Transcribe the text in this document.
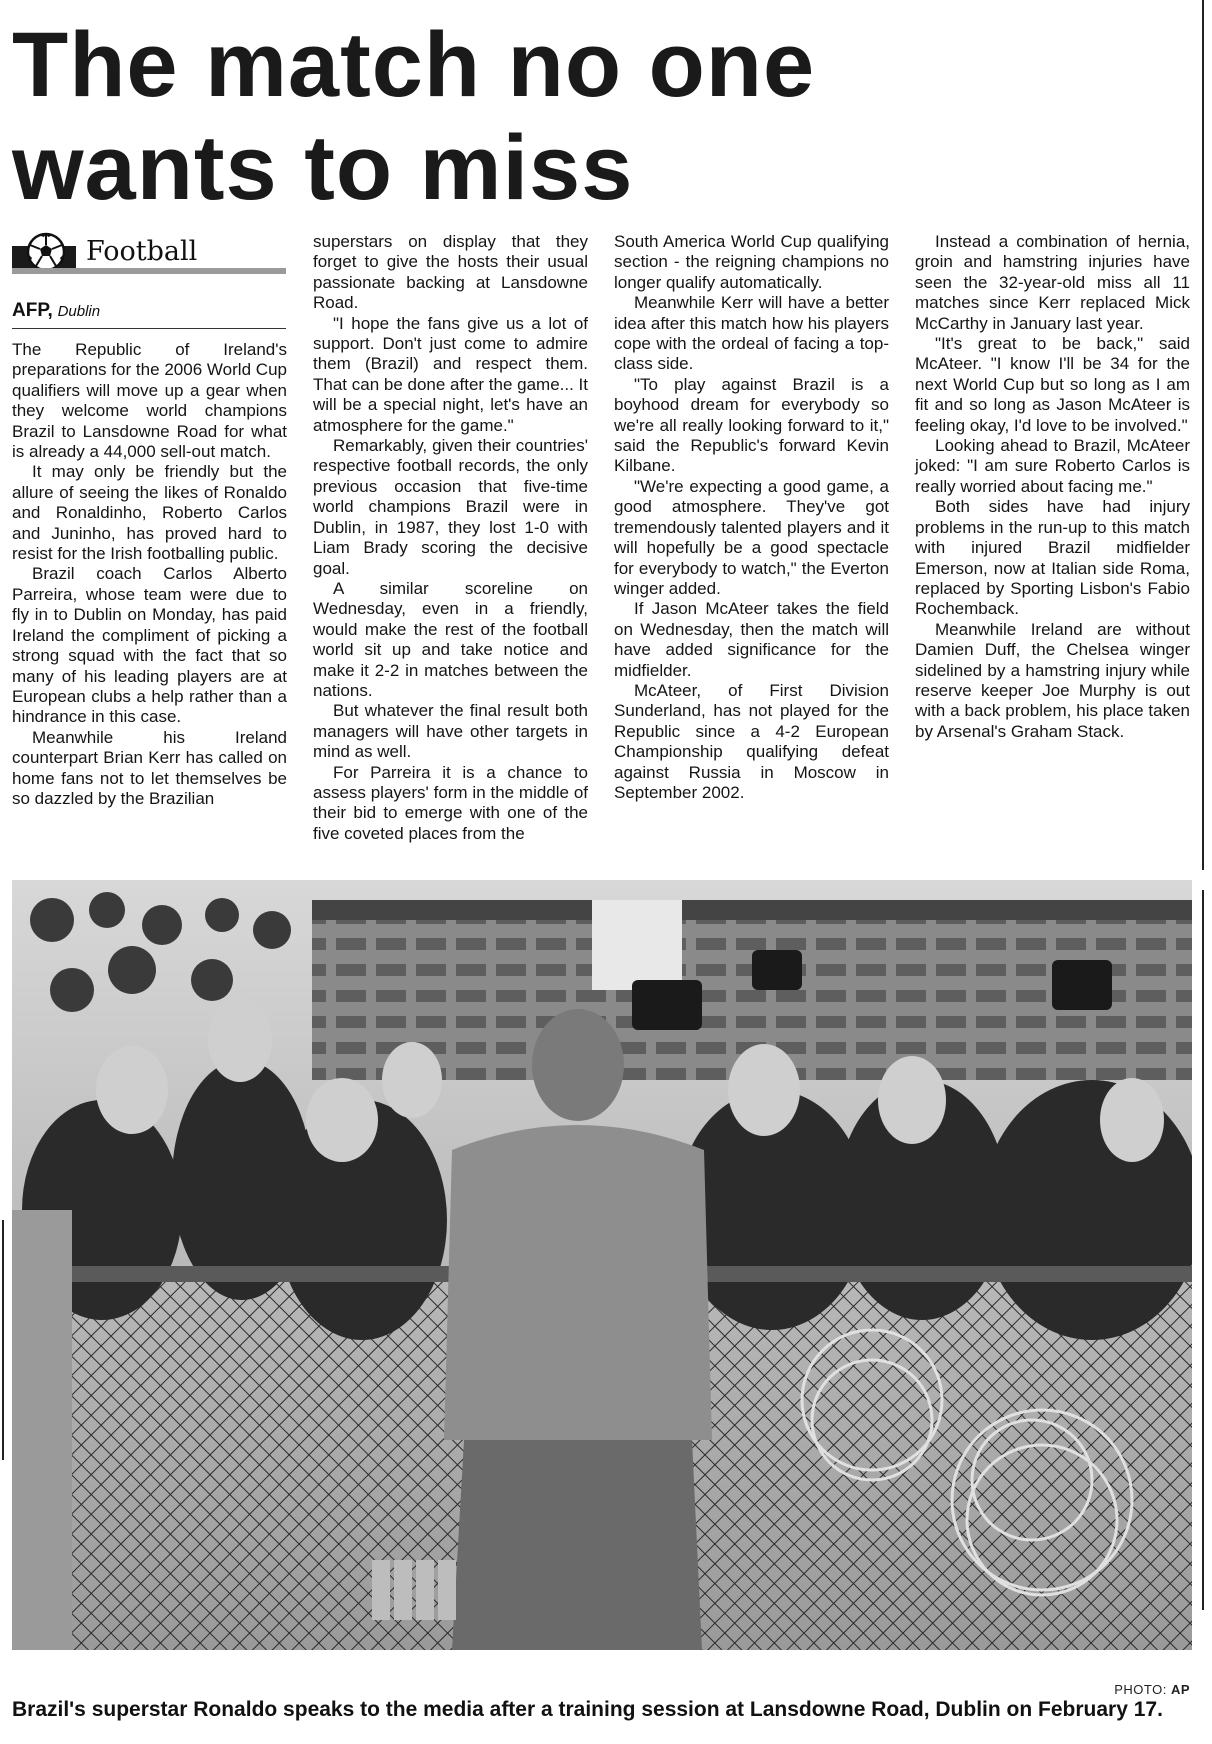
The match no one
wants to miss
Football
AFP, Dublin

The Republic of Ireland's preparations for the 2006 World Cup qualifiers will move up a gear when they welcome world champions Brazil to Lansdowne Road for what is already a 44,000 sell-out match.

It may only be friendly but the allure of seeing the likes of Ronaldo and Ronaldinho, Roberto Carlos and Juninho, has proved hard to resist for the Irish footballing public.

Brazil coach Carlos Alberto Parreira, whose team were due to fly in to Dublin on Monday, has paid Ireland the compliment of picking a strong squad with the fact that so many of his leading players are at European clubs a help rather than a hindrance in this case.

Meanwhile his Ireland counterpart Brian Kerr has called on home fans not to let themselves be so dazzled by the Brazilian

superstars on display that they forget to give the hosts their usual passionate backing at Lansdowne Road.

"I hope the fans give us a lot of support. Don't just come to admire them (Brazil) and respect them. That can be done after the game... It will be a special night, let's have an atmosphere for the game."

Remarkably, given their countries' respective football records, the only previous occasion that five-time world champions Brazil were in Dublin, in 1987, they lost 1-0 with Liam Brady scoring the decisive goal.

A similar scoreline on Wednesday, even in a friendly, would make the rest of the football world sit up and take notice and make it 2-2 in matches between the nations.

But whatever the final result both managers will have other targets in mind as well.

For Parreira it is a chance to assess players' form in the middle of their bid to emerge with one of the five coveted places from the

South America World Cup qualifying section - the reigning champions no longer qualify automatically.

Meanwhile Kerr will have a better idea after this match how his players cope with the ordeal of facing a top-class side.

"To play against Brazil is a boyhood dream for everybody so we're all really looking forward to it," said the Republic's forward Kevin Kilbane.

"We're expecting a good game, a good atmosphere. They've got tremendously talented players and it will hopefully be a good spectacle for everybody to watch," the Everton winger added.

If Jason McAteer takes the field on Wednesday, then the match will have added significance for the midfielder.

McAteer, of First Division Sunderland, has not played for the Republic since a 4-2 European Championship qualifying defeat against Russia in Moscow in September 2002.

Instead a combination of hernia, groin and hamstring injuries have seen the 32-year-old miss all 11 matches since Kerr replaced Mick McCarthy in January last year.

"It's great to be back," said McAteer. "I know I'll be 34 for the next World Cup but so long as I am fit and so long as Jason McAteer is feeling okay, I'd love to be involved."

Looking ahead to Brazil, McAteer joked: "I am sure Roberto Carlos is really worried about facing me."

Both sides have had injury problems in the run-up to this match with injured Brazil midfielder Emerson, now at Italian side Roma, replaced by Sporting Lisbon's Fabio Rochemback.

Meanwhile Ireland are without Damien Duff, the Chelsea winger sidelined by a hamstring injury while reserve keeper Joe Murphy is out with a back problem, his place taken by Arsenal's Graham Stack.

PHOTO: AP
Brazil's superstar Ronaldo speaks to the media after a training session at Lansdowne Road, Dublin on February 17.
